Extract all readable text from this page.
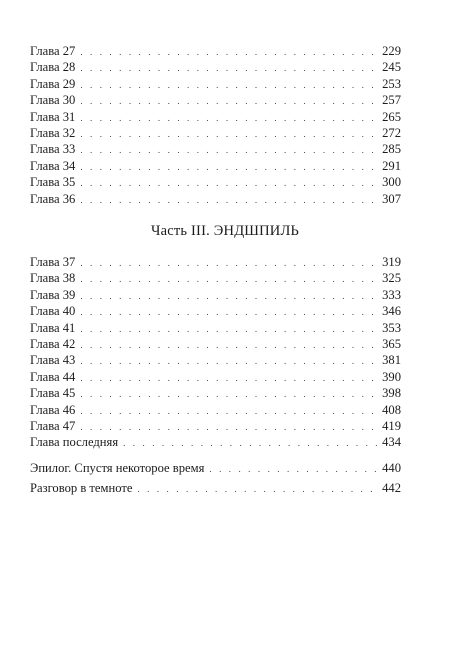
Глава 27 . . .	229
Глава 28 . . .	245
Глава 29 . . .	253
Глава 30 . . .	257
Глава 31 . . .	265
Глава 32 . . .	272
Глава 33 . . .	285
Глава 34 . . .	291
Глава 35 . . .	300
Глава 36 . . .	307
Часть III. ЭНДШПИЛЬ
Глава 37 . . .	319
Глава 38 . . .	325
Глава 39 . . .	333
Глава 40 . . .	346
Глава 41 . . .	353
Глава 42 . . .	365
Глава 43 . . .	381
Глава 44 . . .	390
Глава 45 . . .	398
Глава 46 . . .	408
Глава 47 . . .	419
Глава последняя . . .	434
Эпилог. Спустя некоторое время . . .	440
Разговор в темноте . . .	442
